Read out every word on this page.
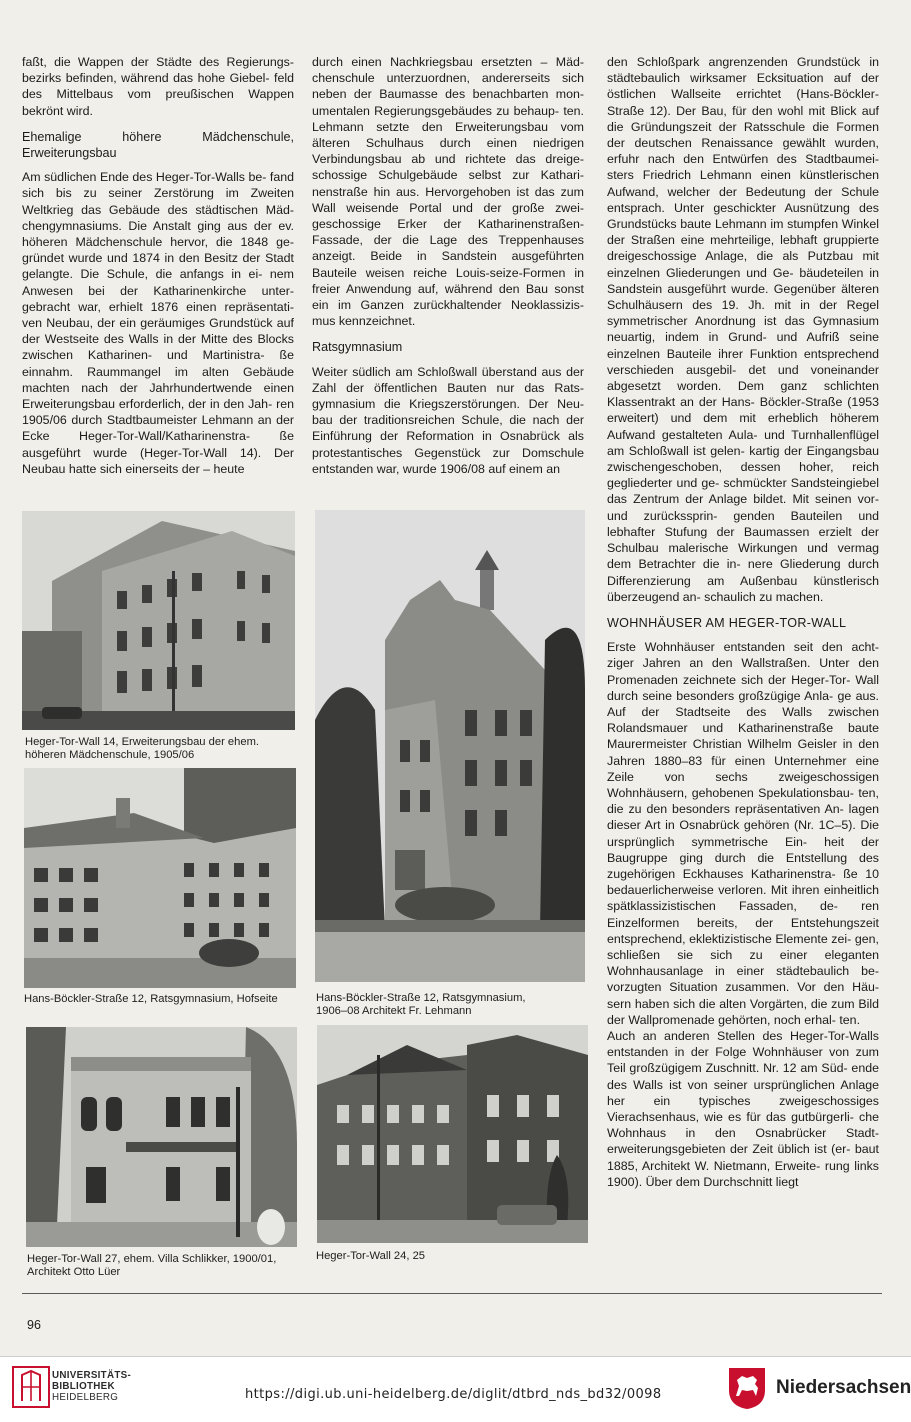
faßt, die Wappen der Städte des Regierungs- bezirks befinden, während das hohe Giebel- feld des Mittelbaus vom preußischen Wappen bekrönt wird.

Ehemalige höhere Mädchenschule, Erweiterungsbau

Am südlichen Ende des Heger-Tor-Walls be- fand sich bis zu seiner Zerstörung im Zweiten Weltkrieg das Gebäude des städtischen Mäd- chengymnasiums. Die Anstalt ging aus der ev. höheren Mädchenschule hervor, die 1848 ge- gründet wurde und 1874 in den Besitz der Stadt gelangte. Die Schule, die anfangs in ei- nem Anwesen bei der Katharinenkirche unter- gebracht war, erhielt 1876 einen repräsentati- ven Neubau, der ein geräumiges Grundstück auf der Westseite des Walls in der Mitte des Blocks zwischen Katharinen- und Martinistra- ße einnahm. Raummangel im alten Gebäude machten nach der Jahrhundertwende einen Erweiterungsbau erforderlich, der in den Jah- ren 1905/06 durch Stadtbaumeister Lehmann an der Ecke Heger-Tor-Wall/Katharinenstra- ße ausgeführt wurde (Heger-Tor-Wall 14). Der Neubau hatte sich einerseits der – heute

durch einen Nachkriegsbau ersetzten – Mäd- chenschule unterzuordnen, andererseits sich neben der Baumasse des benachbarten mon- umentalen Regierungsgebäudes zu behaup- ten. Lehmann setzte den Erweiterungsbau vom älteren Schulhaus durch einen niedrigen Verbindungsbau ab und richtete das dreige- schossige Schulgebäude selbst zur Kathari- nenstraße hin aus. Hervorgehoben ist das zum Wall weisende Portal und der große zwei- geschossige Erker der Katharinenstraßen- Fassade, der die Lage des Treppenhauses anzeigt. Beide in Sandstein ausgeführten Bauteile weisen reiche Louis-seize-Formen in freier Anwendung auf, während den Bau sonst ein im Ganzen zurückhaltender Neoklassizis- mus kennzeichnet.

Ratsgymnasium

Weiter südlich am Schloßwall überstand aus der Zahl der öffentlichen Bauten nur das Rats- gymnasium die Kriegszerstörungen. Der Neu- bau der traditionsreichen Schule, die nach der Einführung der Reformation in Osnabrück als protestantisches Gegenstück zur Domschule entstanden war, wurde 1906/08 auf einem an

den Schloßpark angrenzenden Grundstück in städtebaulich wirksamer Ecksituation auf der östlichen Wallseite errichtet (Hans-Böckler- Straße 12). Der Bau, für den wohl mit Blick auf die Gründungszeit der Ratsschule die Formen der deutschen Renaissance gewählt wurden, erfuhr nach den Entwürfen des Stadtbaumei- sters Friedrich Lehmann einen künstlerischen Aufwand, welcher der Bedeutung der Schule entsprach. Unter geschickter Ausnützung des Grundstücks baute Lehmann im stumpfen Winkel der Straßen eine mehrteilige, lebhaft gruppierte dreigeschossige Anlage, die als Putzbau mit einzelnen Gliederungen und Ge- bäudeteilen in Sandstein ausgeführt wurde. Gegenüber älteren Schulhäusern des 19. Jh. mit in der Regel symmetrischer Anordnung ist das Gymnasium neuartig, indem in Grund- und Aufriß seine einzelnen Bauteile ihrer Funktion entsprechend verschieden ausgebil- det und voneinander abgesetzt worden. Dem ganz schlichten Klassentrakt an der Hans- Böckler-Straße (1953 erweitert) und dem mit erheblich höherem Aufwand gestalteten Aula- und Turnhallenflügel am Schloßwall ist gelen- kartig der Eingangsbau zwischengeschoben, dessen hoher, reich gegliederter und ge- schmückter Sandsteingiebel das Zentrum der Anlage bildet. Mit seinen vor- und zurückssprin- genden Bauteilen und lebhafter Stufung der Baumassen erzielt der Schulbau malerische Wirkungen und vermag dem Betrachter die in- nere Gliederung durch Differenzierung am Außenbau künstlerisch überzeugend an- schaulich zu machen.

WOHNHÄUSER AM HEGER-TOR-WALL

Erste Wohnhäuser entstanden seit den acht- ziger Jahren an den Wallstraßen. Unter den Promenaden zeichnete sich der Heger-Tor- Wall durch seine besonders großzügige Anla- ge aus. Auf der Stadtseite des Walls zwischen Rolandsmauer und Katharinenstraße baute Maurermeister Christian Wilhelm Geisler in den Jahren 1880–83 für einen Unternehmer eine Zeile von sechs zweigeschossigen Wohnhäusern, gehobenen Spekulationsbau- ten, die zu den besonders repräsentativen An- lagen dieser Art in Osnabrück gehören (Nr. 1C–5). Die ursprünglich symmetrische Ein- heit der Baugruppe ging durch die Entstellung des zugehörigen Eckhauses Katharinenstra- ße 10 bedauerlicherweise verloren. Mit ihren einheitlich spätklassizistischen Fassaden, de- ren Einzelformen bereits, der Entstehungszeit entsprechend, eklektizistische Elemente zei- gen, schließen sie sich zu einer eleganten Wohnhausanlage in einer städtebaulich be- vorzugten Situation zusammen. Vor den Häu- sern haben sich die alten Vorgärten, die zum Bild der Wallpromenade gehörten, noch erhal- ten.

Auch an anderen Stellen des Heger-Tor-Walls entstanden in der Folge Wohnhäuser von zum Teil großzügigem Zuschnitt. Nr. 12 am Süd- ende des Walls ist von seiner ursprünglichen Anlage her ein typisches zweigeschossiges Vierachsenhaus, wie es für das gutbürgerli- che Wohnhaus in den Osnabrücker Stadt- erweiterungsgebieten der Zeit üblich ist (er- baut 1885, Architekt W. Nietmann, Erweite- rung links 1900). Über dem Durchschnitt liegt

Heger-Tor-Wall 14, Erweiterungsbau der ehem. höheren Mädchenschule, 1905/06
Hans-Böckler-Straße 12, Ratsgymnasium, Hofseite	Hans-Böckler-Straße 12, Ratsgymnasium, 1906–08 Architekt Fr. Lehmann
Heger-Tor-Wall 27, ehem. Villa Schlikker, 1900/01, Architekt Otto Lüer
Heger-Tor-Wall 24, 25
96
UNIVERSITÄTS-
BIBLIOTHEK
HEIDELBERG	https://digi.ub.uni-heidelberg.de/diglit/dtbrd_nds_bd32/0098	Niedersachsen
